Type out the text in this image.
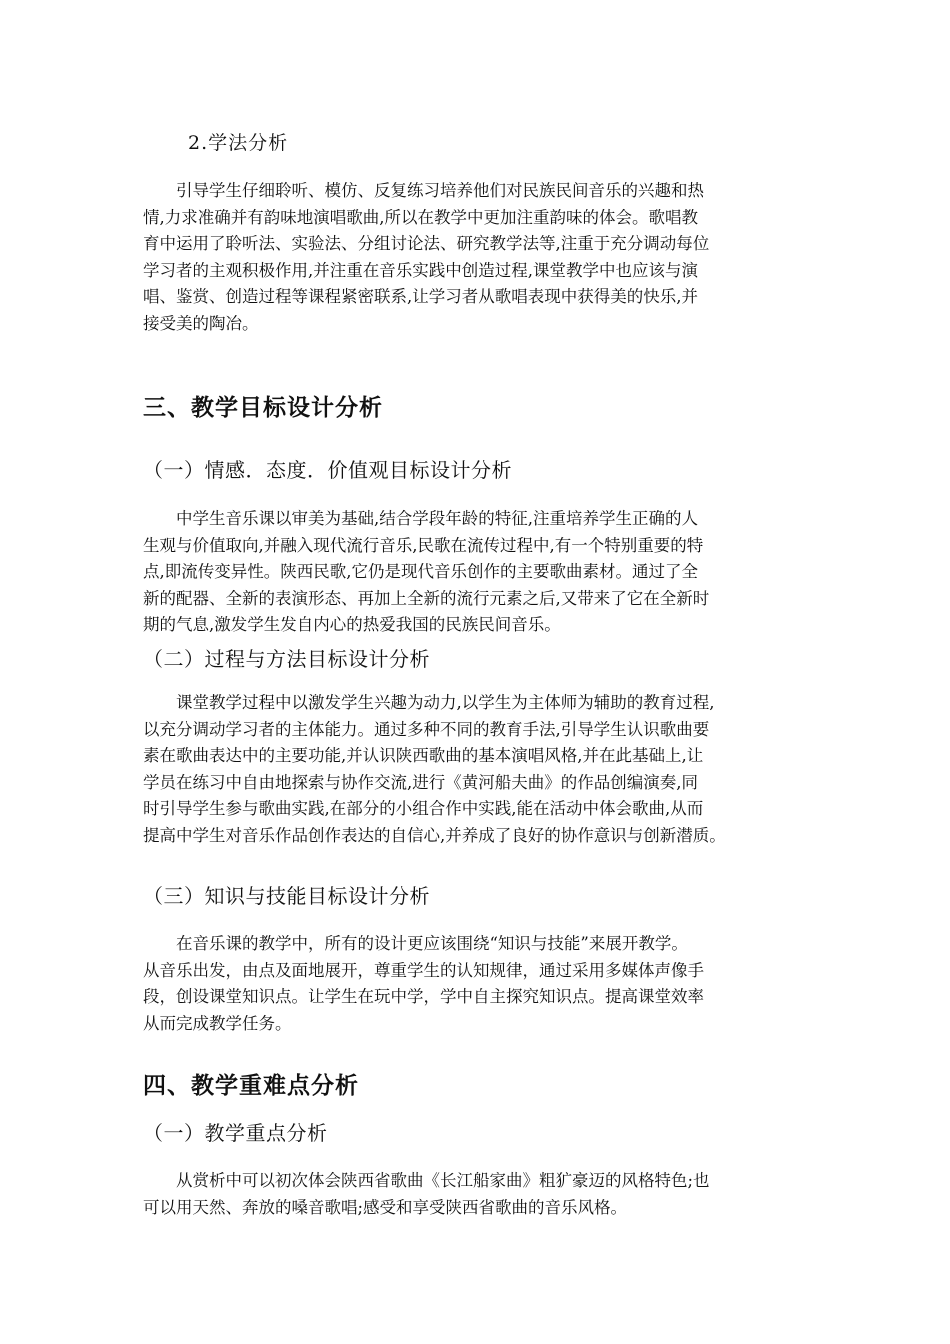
2.学法分析
　　引导学生仔细聆听、模仿、反复练习培养他们对民族民间音乐的兴趣和热
情,力求准确并有韵味地演唱歌曲,所以在教学中更加注重韵味的体会。歌唱教
育中运用了聆听法、实验法、分组讨论法、研究教学法等,注重于充分调动每位
学习者的主观积极作用,并注重在音乐实践中创造过程,课堂教学中也应该与演
唱、鉴赏、创造过程等课程紧密联系,让学习者从歌唱表现中获得美的快乐,并
接受美的陶冶。
三、教学目标设计分析
（一）情感．态度．价值观目标设计分析
　　中学生音乐课以审美为基础,结合学段年龄的特征,注重培养学生正确的人
生观与价值取向,并融入现代流行音乐,民歌在流传过程中,有一个特别重要的特
点,即流传变异性。陕西民歌,它仍是现代音乐创作的主要歌曲素材。通过了全
新的配器、全新的表演形态、再加上全新的流行元素之后,又带来了它在全新时
期的气息,激发学生发自内心的热爱我国的民族民间音乐。
（二）过程与方法目标设计分析
　　课堂教学过程中以激发学生兴趣为动力,以学生为主体师为辅助的教育过程,
以充分调动学习者的主体能力。通过多种不同的教育手法,引导学生认识歌曲要
素在歌曲表达中的主要功能,并认识陕西歌曲的基本演唱风格,并在此基础上,让
学员在练习中自由地探索与协作交流,进行《黄河船夫曲》的作品创编演奏,同
时引导学生参与歌曲实践,在部分的小组合作中实践,能在活动中体会歌曲,从而
提高中学生对音乐作品创作表达的自信心,并养成了良好的协作意识与创新潜质。
（三）知识与技能目标设计分析
　　在音乐课的教学中，所有的设计更应该围绕“知识与技能”来展开教学。
从音乐出发，由点及面地展开，尊重学生的认知规律，通过采用多媒体声像手
段，创设课堂知识点。让学生在玩中学，学中自主探究知识点。提高课堂效率
从而完成教学任务。
四、教学重难点分析
（一）教学重点分析
　　从赏析中可以初次体会陕西省歌曲《长江船家曲》粗犷豪迈的风格特色;也
可以用天然、奔放的嗓音歌唱;感受和享受陕西省歌曲的音乐风格。
